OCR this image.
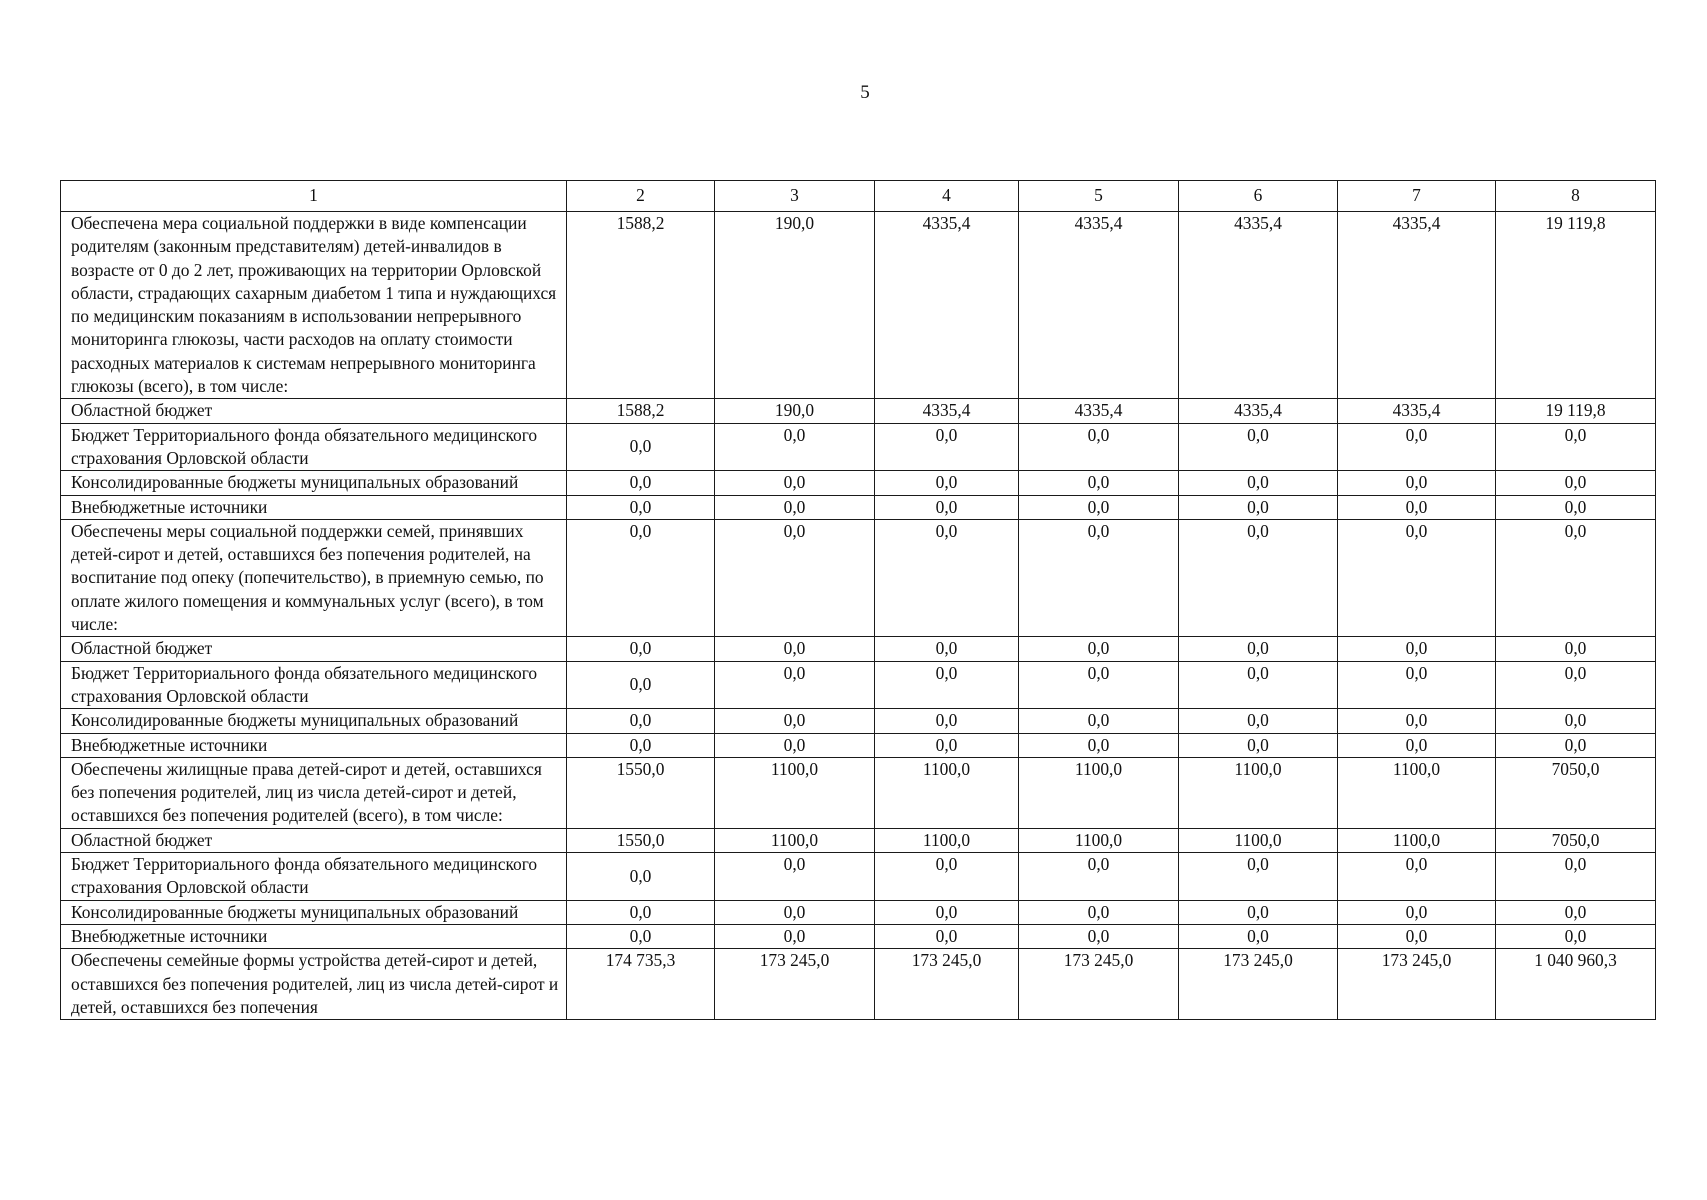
5
1	2	3	4	5	6	7	8
Обеспечена мера социальной поддержки в виде компенсации родителям (законным представителям) детей-инвалидов в возрасте от 0 до 2 лет, проживающих на территории Орловской области, страдающих сахарным диабетом 1 типа и нуждающихся по медицинским показаниям в использовании непрерывного мониторинга глюкозы, части расходов на оплату стоимости расходных материалов к системам непрерывного мониторинга глюкозы (всего), в том числе:	1588,2	190,0	4335,4	4335,4	4335,4	4335,4	19 119,8
Областной бюджет	1588,2	190,0	4335,4	4335,4	4335,4	4335,4	19 119,8
Бюджет Территориального фонда обязательного медицинского страхования Орловской области	0,0	0,0	0,0	0,0	0,0	0,0	0,0
Консолидированные бюджеты муниципальных образований	0,0	0,0	0,0	0,0	0,0	0,0	0,0
Внебюджетные источники	0,0	0,0	0,0	0,0	0,0	0,0	0,0
Обеспечены меры социальной поддержки семей, принявших детей-сирот и детей, оставшихся без попечения родителей, на воспитание под опеку (попечительство), в приемную семью, по оплате жилого помещения и коммунальных услуг (всего), в том числе:	0,0	0,0	0,0	0,0	0,0	0,0	0,0
Областной бюджет	0,0	0,0	0,0	0,0	0,0	0,0	0,0
Бюджет Территориального фонда обязательного медицинского страхования Орловской области	0,0	0,0	0,0	0,0	0,0	0,0	0,0
Консолидированные бюджеты муниципальных образований	0,0	0,0	0,0	0,0	0,0	0,0	0,0
Внебюджетные источники	0,0	0,0	0,0	0,0	0,0	0,0	0,0
Обеспечены жилищные права детей-сирот и детей, оставшихся без попечения родителей, лиц из числа детей-сирот и детей, оставшихся без попечения родителей (всего), в том числе:	1550,0	1100,0	1100,0	1100,0	1100,0	1100,0	7050,0
Областной бюджет	1550,0	1100,0	1100,0	1100,0	1100,0	1100,0	7050,0
Бюджет Территориального фонда обязательного медицинского страхования Орловской области	0,0	0,0	0,0	0,0	0,0	0,0	0,0
Консолидированные бюджеты муниципальных образований	0,0	0,0	0,0	0,0	0,0	0,0	0,0
Внебюджетные источники	0,0	0,0	0,0	0,0	0,0	0,0	0,0
Обеспечены семейные формы устройства детей-сирот и детей, оставшихся без попечения родителей, лиц из числа детей-сирот и детей, оставшихся без попечения	174 735,3	173 245,0	173 245,0	173 245,0	173 245,0	173 245,0	1 040 960,3
